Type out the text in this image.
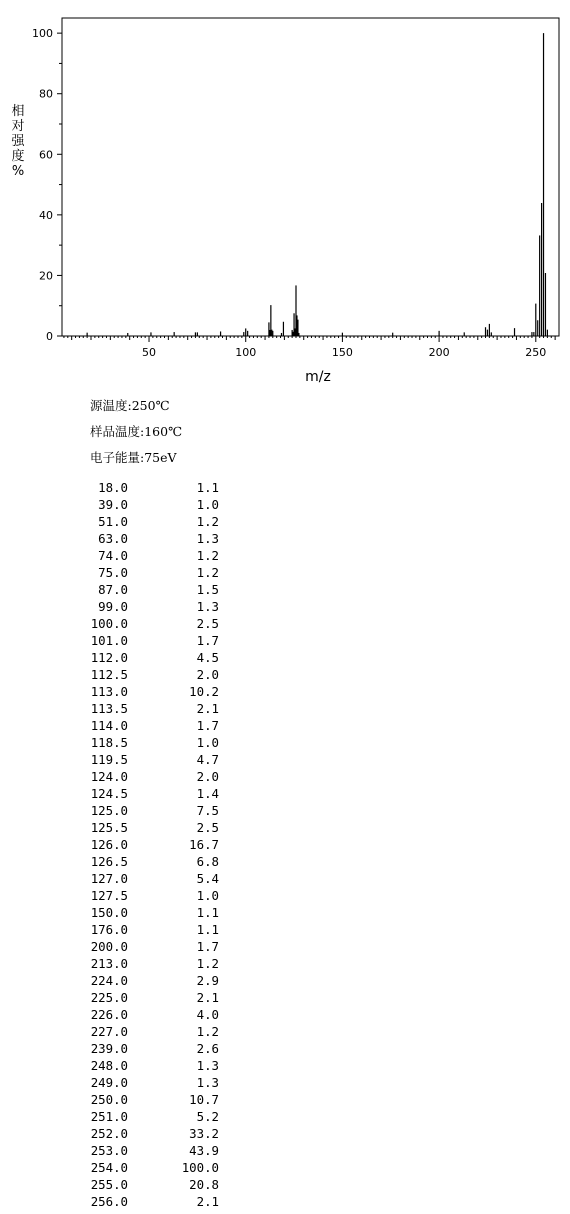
0
20
40
60
80
100
50	100	150	200	250
m/z
相
对
强
度
%
源温度:250℃
样品温度:160℃
电子能量:75eV
18.0	1.1
39.0	1.0
51.0	1.2
63.0	1.3
74.0	1.2
75.0	1.2
87.0	1.5
99.0	1.3
100.0	2.5
101.0	1.7
112.0	4.5
112.5	2.0
113.0	10.2
113.5	2.1
114.0	1.7
118.5	1.0
119.5	4.7
124.0	2.0
124.5	1.4
125.0	7.5
125.5	2.5
126.0	16.7
126.5	6.8
127.0	5.4
127.5	1.0
150.0	1.1
176.0	1.1
200.0	1.7
213.0	1.2
224.0	2.9
225.0	2.1
226.0	4.0
227.0	1.2
239.0	2.6
248.0	1.3
249.0	1.3
250.0	10.7
251.0	5.2
252.0	33.2
253.0	43.9
254.0	100.0
255.0	20.8
256.0	2.1
